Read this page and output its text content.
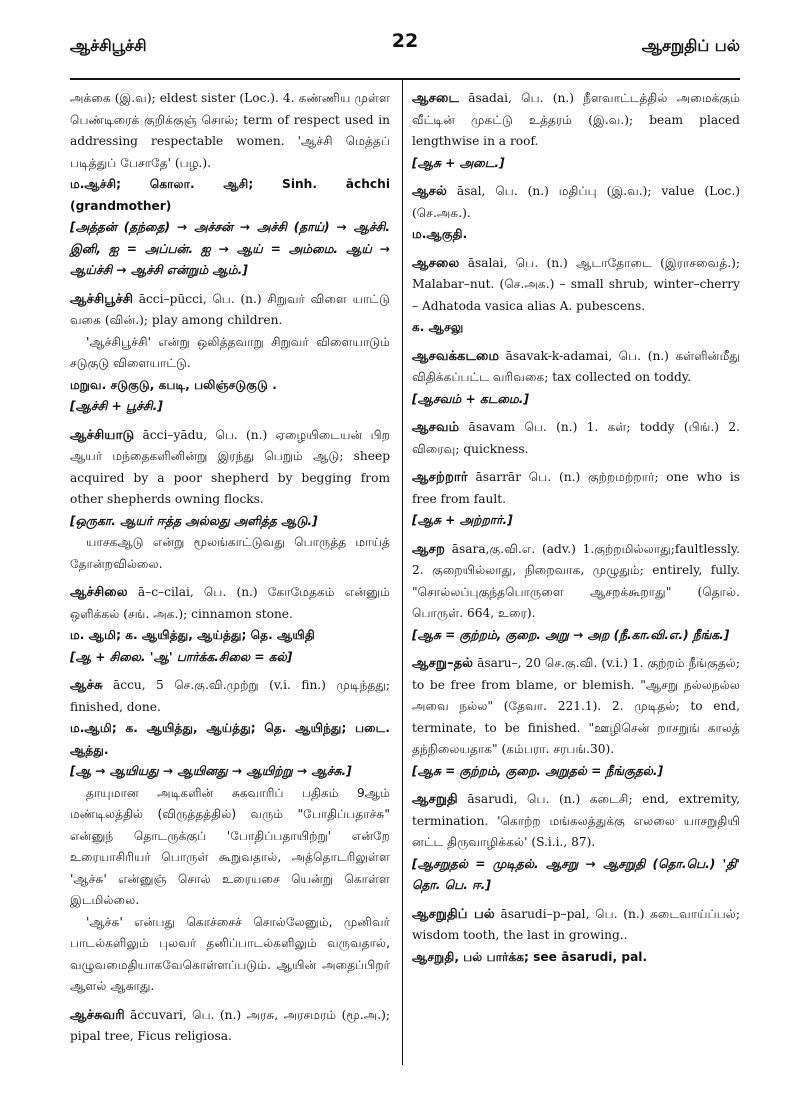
ஆச்சிபூச்சி	22	ஆசறுதிப் பல்

அக்கை (இ.வ); eldest sister (Loc.). 4. கண்ணிய முள்ள பெண்டிரைக் குறிக்குஞ் சொல்; term of respect used in addressing respectable women. 'ஆச்சி மெத்தப் படித்துப் பேசாதே' (பழ.).

ம.ஆச்சி; கொலா. ஆசி; Sinh. āchchi (grandmother)

[அத்தன் (தந்தை) → அச்சன் → அச்சி (தாய்) → ஆச்சி. இனி, ஐ = அப்பன். ஐ → ஆய் = அம்மை. ஆய் → ஆய்ச்சி → ஆச்சி என்றும் ஆம்.]

ஆச்சிபூச்சி ācci–pūcci, பெ. (n.) சிறுவர் விளை யாட்டு வகை (வின்.); play among children.

'ஆச்சிபூச்சி' என்று ஒலித்தவாறு சிறுவர் விளையாடும் சடுகுடு விளையாட்டு.

மறுவ. சடுகுடு, கபடி, பலிஞ்சடுகுடு .

[ஆச்சி + பூச்சி.]

ஆச்சியாடு ācci–yādu, பெ. (n.) ஏழையிடையன் பிற ஆயர் மந்தைகளினின்று இரந்து பெறும் ஆடு; sheep acquired by a poor shepherd by begging from other shepherds owning flocks.

[ஒருகா. ஆயர் ஈத்த அல்லது அளித்த ஆடு.]

யாசகஆடு என்று மூலங்காட்டுவது பொருத்த மாய்த் தோன்றவில்லை.

ஆச்சிலை ā–c–cilai, பெ. (n.) கோமேதகம் என்னும் ஒளிக்கல் (சங். அக.); cinnamon stone.

ம. ஆமி; க. ஆயித்து, ஆய்த்து; தெ. ஆயிதி

[ஆ + சிலை. 'ஆ' பார்க்க.சிலை = கல்]

ஆச்சு āccu, 5 செ.கு.வி.முற்று (v.i. fin.) முடிந்தது; finished, done.

ம.ஆமி; க. ஆயித்து, ஆய்த்து; தெ. ஆயிந்து; படை. ஆத்து.

[ஆ → ஆயியது → ஆயினது → ஆயிற்று → ஆச்சு.]

தாயுமான அடிகளின் சுகவாரிப் பதிகம் 9ஆம் மண்டிலத்தில் (விருத்தத்தில்) வரும் "போதிப்பதாச்சு" என்னுந் தொடருக்குப் 'போதிப்பதாயிற்று' என்றே உரையாசிரியர் பொருள் கூறுவதால், அத்தொடரிலுள்ள 'ஆச்சு' என்னுஞ் சொல் உரையசை யென்று கொள்ள இடமில்லை.

'ஆச்சு' என்பது கொச்சைச் சொல்லேனும், முனிவர் பாடல்களிலும் புலவர் தனிப்பாடல்களிலும் வருவதால், வழுவமைதியாகவேகொள்ளப்படும். ஆயின் அதைப்பிறர் ஆளல் ஆகாது.

ஆச்சுவரி āccuvari, பெ. (n.) அரசு, அரசமரம் (மூ.அ.); pipal tree, Ficus religiosa.

ஆசடை āsadai, பெ. (n.) நீளவாட்டத்தில் அமைக்கும் வீட்டின் முகட்டு உத்தரம் (இ.வ.); beam placed lengthwise in a roof.

[ஆசு + அடை.]

ஆசல் āsal, பெ. (n.) மதிப்பு (இ.வ.); value (Loc.) (செ.அக.).

ம.ஆகுதி.

ஆசலை āsalai, பெ. (n.) ஆடாதோடை (இராசவைத்.); Malabar–nut. (செ.அக.) – small shrub, winter–cherry – Adhatoda vasica alias A. pubescens.

க. ஆசலு

ஆசவக்கடமை āsavak-k-adamai, பெ. (n.) கள்ளின்மீது விதிக்கப்பட்ட வரிவகை; tax collected on toddy.

[ஆசவம் + கடமை.]

ஆசவம் āsavam பெ. (n.) 1. கள்; toddy (பிங்.) 2. விரைவு; quickness.

ஆசற்றார் āsarrār பெ. (n.) குற்றமற்றார்; one who is free from fault.

[ஆசு + அற்றார்.]

ஆசற āsara,கு.வி.எ. (adv.) 1.குற்றமில்லாது;faultlessly. 2. குறையில்லாது, நிறைவாக, முழுதும்; entirely, fully. "சொல்லப்புகுந்தபொருளை ஆசறக்கூறாது" (தொல். பொருள். 664, உரை).

[ஆசு = குற்றம், குறை. அறு → அற (நீ.கா.வி.எ.) நீங்க.]

ஆசறு–தல் āsaru–, 20 செ.கு.வி. (v.i.) 1. குற்றம் நீங்குதல்; to be free from blame, or blemish. "ஆசறு நல்லநல்ல அவை நல்ல" (தேவா. 221.1). 2. முடிதல்; to end, terminate, to be finished. "ஊழிசென் றாசறுங் காலத் தந்நிலையதாக" (கம்பரா. சரபங்.30).

[ஆசு = குற்றம், குறை. அறுதல் = நீங்குதல்.]

ஆசறுதி āsarudi, பெ. (n.) கடைசி; end, extremity, termination. 'கொற்ற மங்கலத்துக்கு எலலை யாசறுதியி னட்ட திருவாழிக்கல்' (S.i.i., 87).

[ஆசறுதல் = முடிதல். ஆசறு → ஆசறுதி (தொ.பெ.) 'தி' தொ. பெ. ஈ.]

ஆசறுதிப் பல் āsarudi–p–pal, பெ. (n.) கடைவாய்ப்பல்; wisdom tooth, the last in growing..

ஆசறுதி, பல் பார்க்க; see āsarudi, pal.
